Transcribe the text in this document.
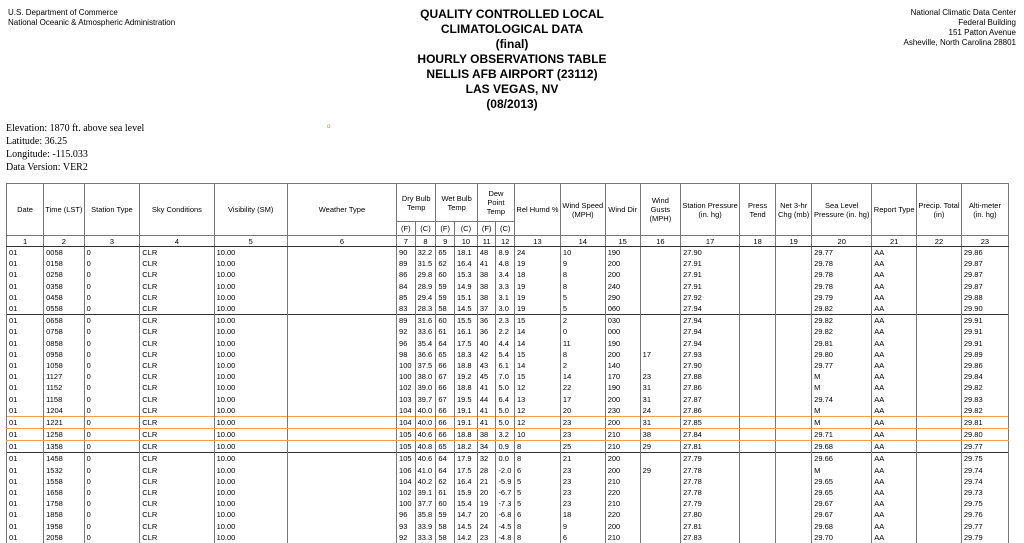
U.S. Department of Commerce
National Oceanic & Atmospheric Administration
QUALITY CONTROLLED LOCAL
CLIMATOLOGICAL DATA
(final)
HOURLY OBSERVATIONS TABLE
NELLIS AFB AIRPORT (23112)
LAS VEGAS, NV
(08/2013)
National Climatic Data Center
Federal Building
151 Patton Avenue
Asheville, North Carolina 28801
Elevation: 1870 ft. above sea level
Latitude: 36.25
Longitude: -115.033
Data Version: VER2
o
Date	Time (LST)	Station Type	Sky Conditions	Visibility (SM)	Weather Type	Dry Bulb Temp		Wet Bulb Temp		Dew Point Temp		Rel Humd %	Wind Speed (MPH)	Wind Dir	Wind Gusts (MPH)	Station Pressure (in. hg)	Press Tend	Net 3-hr Chg (mb)	Sea Level Pressure (in. hg)	Report Type	Precip. Total (in)	Alti-meter (in. hg)
						(F)	(C)	(F)	(C)	(F)	(C)											
1	2	3	4	5	6	7	8	9	10	11	12	13	14	15	16	17	18	19	20	21	22	23
01	0058	0	CLR	10.00		90	32.2	65	18.1	48	8.9	24	10	190		27.90			29.77	AA		29.86
01	0158	0	CLR	10.00		89	31.5	62	16.4	41	4.8	19	9	200		27.91			29.78	AA		29.87
01	0258	0	CLR	10.00		86	29.8	60	15.3	38	3.4	18	8	200		27.91			29.78	AA		29.87
01	0358	0	CLR	10.00		84	28.9	59	14.9	38	3.3	19	8	240		27.91			29.78	AA		29.87
01	0458	0	CLR	10.00		85	29.4	59	15.1	38	3.1	19	5	290		27.92			29.79	AA		29.88
01	0558	0	CLR	10.00		83	28.3	58	14.5	37	3.0	19	5	060		27.94			29.82	AA		29.90
01	0658	0	CLR	10.00		89	31.6	60	15.5	36	2.3	15	2	030		27.94			29.82	AA		29.91
01	0758	0	CLR	10.00		92	33.6	61	16.1	36	2.2	14	0	000		27.94			29.82	AA		29.91
01	0858	0	CLR	10.00		96	35.4	64	17.5	40	4.4	14	11	190		27.94			29.81	AA		29.91
01	0958	0	CLR	10.00		98	36.6	65	18.3	42	5.4	15	8	200	17	27.93			29.80	AA		29.89
01	1058	0	CLR	10.00		100	37.5	66	18.8	43	6.1	14	2	140		27.90			29.77	AA		29.86
01	1127	0	CLR	10.00		100	38.0	67	19.2	45	7.0	15	14	170	23	27.88			M	AA		29.84
01	1152	0	CLR	10.00		102	39.0	66	18.8	41	5.0	12	22	190	31	27.86			M	AA		29.82
01	1158	0	CLR	10.00		103	39.7	67	19.5	44	6.4	13	17	200	31	27.87			29.74	AA		29.83
01	1204	0	CLR	10.00		104	40.0	66	19.1	41	5.0	12	20	230	24	27.86			M	AA		29.82
01	1221	0	CLR	10.00		104	40.0	66	19.1	41	5.0	12	23	200	31	27.85			M	AA		29.81
01	1258	0	CLR	10.00		105	40.6	66	18.8	38	3.2	10	23	210	38	27.84			29.71	AA		29.80
01	1358	0	CLR	10.00		105	40.8	65	18.2	34	0.9	8	25	210	29	27.81			29.68	AA		29.77
01	1458	0	CLR	10.00		105	40.6	64	17.9	32	0.0	8	21	200		27.79			29.66	AA		29.75
01	1532	0	CLR	10.00		106	41.0	64	17.5	28	-2.0	6	23	200	29	27.78			M	AA		29.74
01	1558	0	CLR	10.00		104	40.2	62	16.4	21	-5.9	5	23	210		27.78			29.65	AA		29.74
01	1658	0	CLR	10.00		102	39.1	61	15.9	20	-6.7	5	23	220		27.78			29.65	AA		29.73
01	1758	0	CLR	10.00		100	37.7	60	15.4	19	-7.3	5	23	210		27.79			29.67	AA		29.75
01	1858	0	CLR	10.00		96	35.8	59	14.7	20	-6.8	6	18	220		27.80			29.67	AA		29.76
01	1958	0	CLR	10.00		93	33.9	58	14.5	24	-4.5	8	9	200		27.81			29.68	AA		29.77
01	2058	0	CLR	10.00		92	33.3	58	14.2	23	-4.8	8	6	210		27.83			29.70	AA		29.79
